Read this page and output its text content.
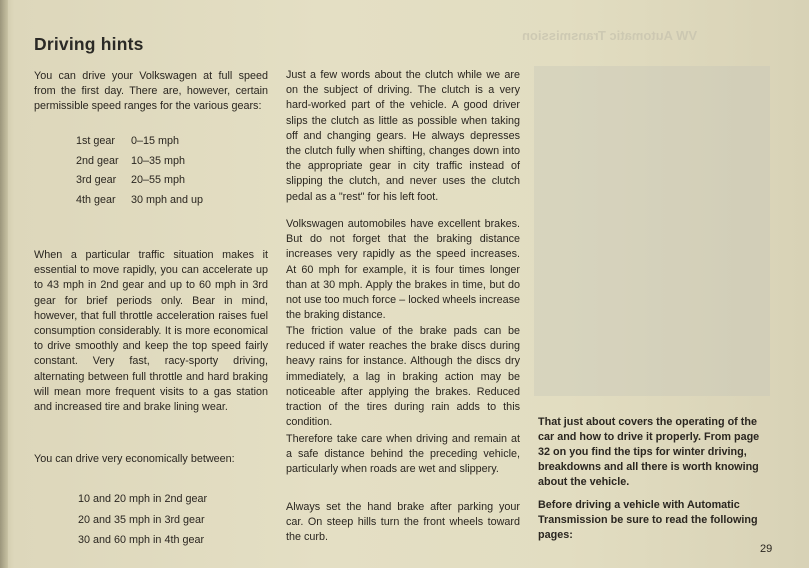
VW Automatic Transmission
Driving hints

You can drive your Volkswagen at full speed from the first day. There are, however, certain permissible speed ranges for the various gears:

1st gear	0–15 mph
2nd gear	10–35 mph
3rd gear	20–55 mph
4th gear	30 mph and up

When a particular traffic situation makes it essential to move rapidly, you can accelerate up to 43 mph in 2nd gear and up to 60 mph in 3rd gear for brief periods only. Bear in mind, however, that full throttle acceleration raises fuel consumption considerably. It is more economical to drive smoothly and keep the top speed fairly constant. Very fast, racy-sporty driving, alternating between full throttle and hard braking will mean more frequent visits to a gas station and increased tire and brake lining wear.

You can drive very economically between:

10 and 20 mph in 2nd gear
20 and 35 mph in 3rd gear
30 and 60 mph in 4th gear

Just a few words about the clutch while we are on the subject of driving. The clutch is a very hard-worked part of the vehicle. A good driver slips the clutch as little as possible when taking off and changing gears. He always depresses the clutch fully when shifting, changes down into the appropriate gear in city traffic instead of slipping the clutch, and never uses the clutch pedal as a "rest" for his left foot.

Volkswagen automobiles have excellent brakes. But do not forget that the braking distance increases very rapidly as the speed increases. At 60 mph for example, it is four times longer than at 30 mph. Apply the brakes in time, but do not use too much force – locked wheels increase the braking distance.

The friction value of the brake pads can be reduced if water reaches the brake discs during heavy rains for instance. Although the discs dry immediately, a lag in braking action may be noticeable after applying the brakes. Reduced traction of the tires during rain adds to this condition.

Therefore take care when driving and remain at a safe distance behind the preceding vehicle, particularly when roads are wet and slippery.

Always set the hand brake after parking your car. On steep hills turn the front wheels toward the curb.

That just about covers the operating of the car and how to drive it properly. From page 32 on you find the tips for winter driving, breakdowns and all there is worth knowing about the vehicle.

Before driving a vehicle with Automatic Transmission be sure to read the following pages:

29
